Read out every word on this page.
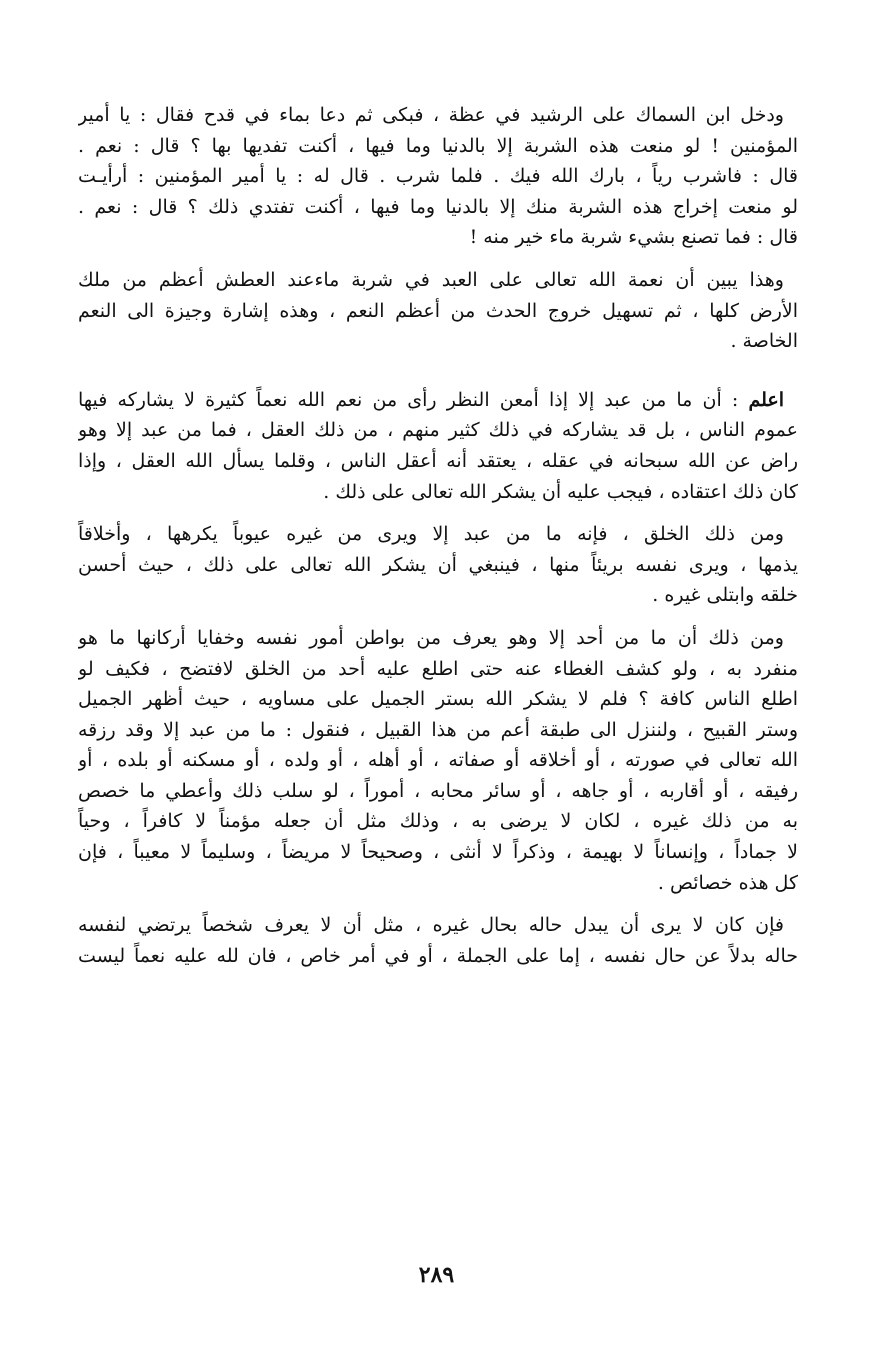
ودخل ابن السماك على الرشيد في عظة ، فبكى ثم دعا بماء في قدح فقال : يا أمير
المؤمنين ! لو منعت هذه الشربة إلا بالدنيا وما فيها ، أكنت تفديها بها ؟ قال : نعم .
قال : فاشرب رياً ، بارك الله فيك . فلما شرب . قال له : يا أمير المؤمنين : أرأيـت
لو منعت إخراج هذه الشربة منك إلا بالدنيا وما فيها ، أكنت تفتدي ذلك ؟ قال : نعم .
قال : فما تصنع بشيء شربة ماء خير منه !
وهذا يبين أن نعمة الله تعالى على العبد في شربة ماءعند العطش أعظم من ملك
الأرض كلها ، ثم تسهيل خروج الحدث من أعظم النعم ، وهذه إشارة وجيزة الى النعم
الخاصة .
اعلم : أن ما من عبد إلا إذا أمعن النظر رأى من نعم الله نعماً كثيرة لا يشاركه فيها
عموم الناس ، بل قد يشاركه في ذلك كثير منهم ، من ذلك العقل ، فما من عبد إلا وهو
راض عن الله سبحانه في عقله ، يعتقد أنه أعقل الناس ، وقلما يسأل الله العقل ، وإذا
كان ذلك اعتقاده ، فيجب عليه أن يشكر الله تعالى على ذلك .
ومن ذلك الخلق ، فإنه ما من عبد إلا ويرى من غيره عيوباً يكرهها ، وأخلاقاً
يذمها ، ويرى نفسه بريئاً منها ، فينبغي أن يشكر الله تعالى على ذلك ، حيث أحسن
خلقه وابتلى غيره .
ومن ذلك أن ما من أحد إلا وهو يعرف من بواطن أمور نفسه وخفايا أركانها ما هو
منفرد به ، ولو كشف الغطاء عنه حتى اطلع عليه أحد من الخلق لافتضح ، فكيف لو
اطلع الناس كافة ؟ فلم لا يشكر الله بستر الجميل على مساويه ، حيث أظهر الجميل
وستر القبيح ، ولننزل الى طبقة أعم من هذا القبيل ، فنقول : ما من عبد إلا وقد رزقه
الله تعالى في صورته ، أو أخلاقه أو صفاته ، أو أهله ، أو ولده ، أو مسكنه أو بلده ، أو
رفيقه ، أو أقاربه ، أو جاهه ، أو سائر محابه ، أموراً ، لو سلب ذلك وأعطي ما خصص
به من ذلك غيره ، لكان لا يرضى به ، وذلك مثل أن جعله مؤمناً لا كافراً ، وحياً
لا جماداً ، وإنساناً لا بهيمة ، وذكراً لا أنثى ، وصحيحاً لا مريضاً ، وسليماً لا معيباً ، فإن
كل هذه خصائص .
فإن كان لا يرى أن يبدل حاله بحال غيره ، مثل أن لا يعرف شخصاً يرتضي لنفسه
حاله بدلاً عن حال نفسه ، إما على الجملة ، أو في أمر خاص ، فان لله عليه نعماً ليست
٢٨٩
